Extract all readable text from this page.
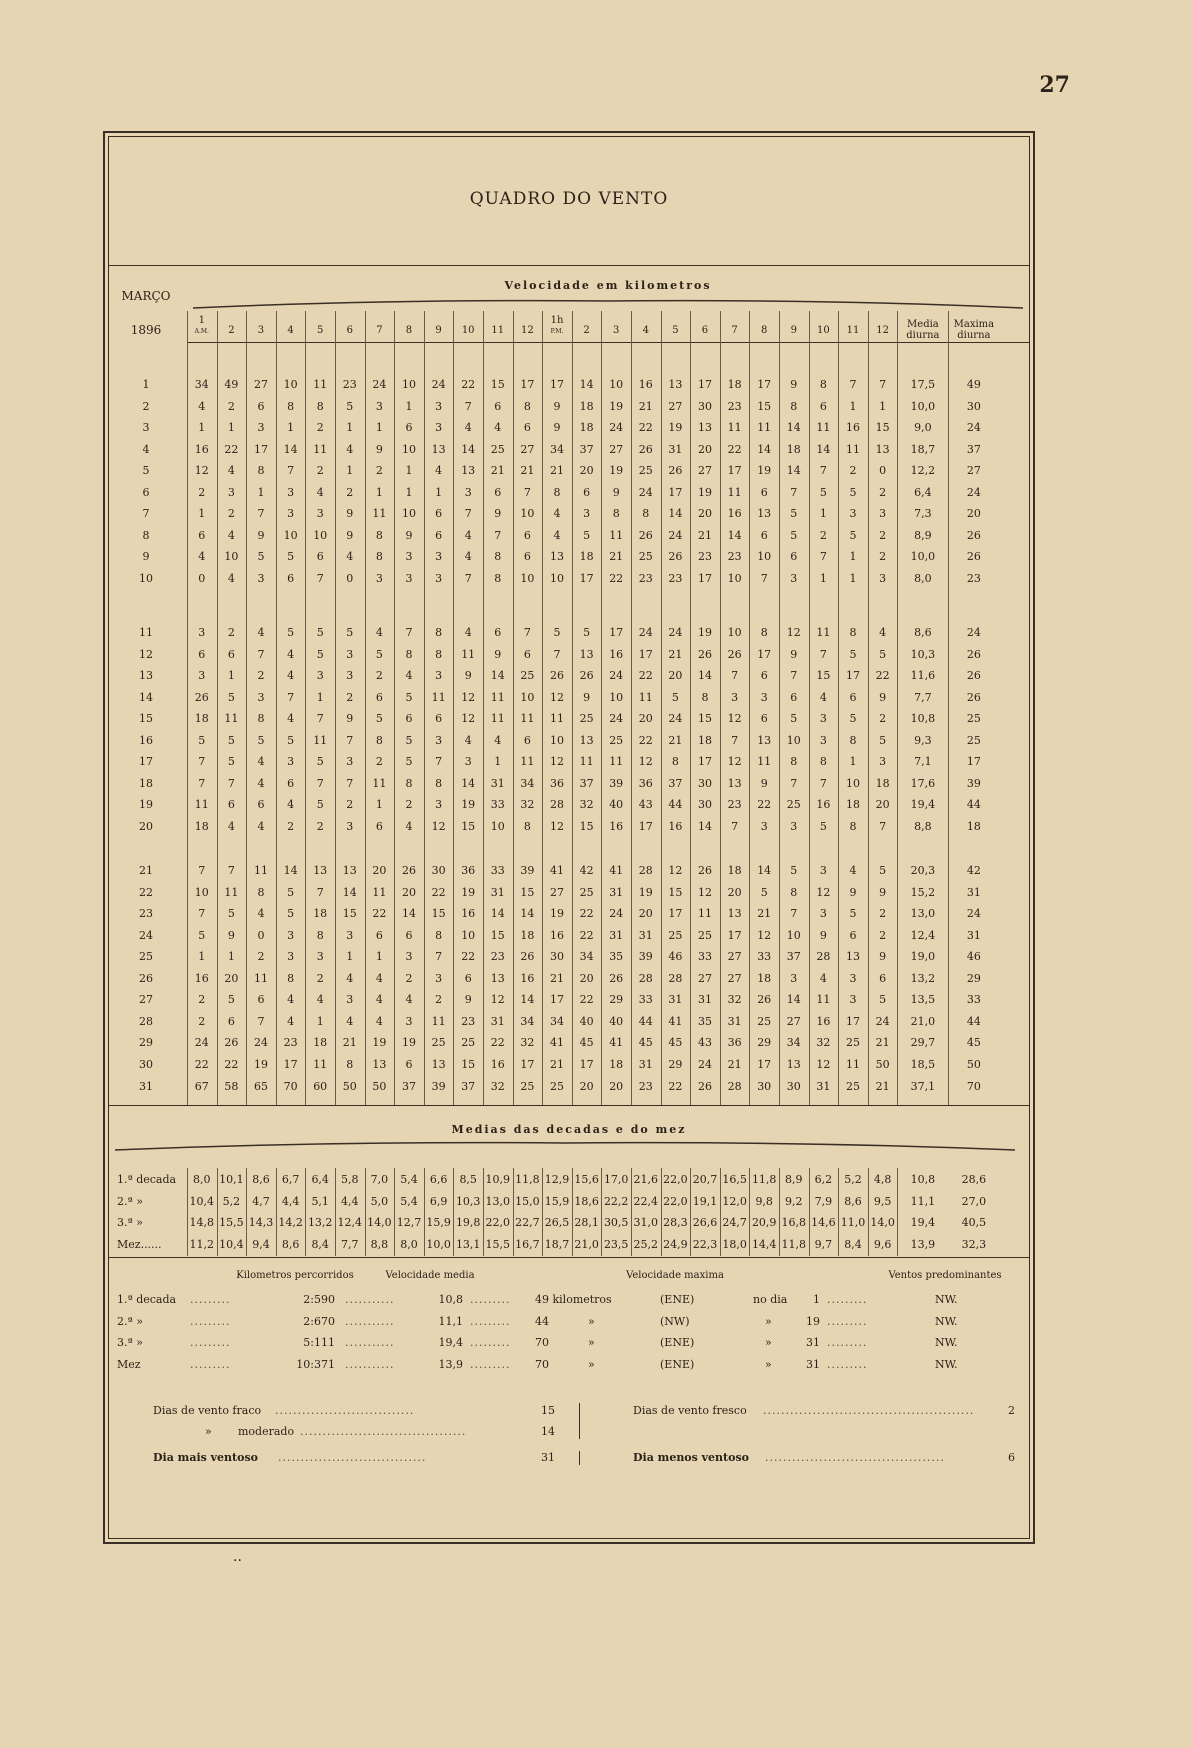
27
QUADRO DO VENTO
Velocidade em kilometros
MARÇO
1896
1
A.M.	2	3	4	5	6	7	8	9	10	11	12
1h
P.M.	2	3	4	5	6	7	8	9	10	11	12
Media diurna
Maxima diurna
1	34	49	27	10	11	23	24	10	24	22	15	17	17	14	10	16	13	17	18	17	9	8	7	7	17,5	49
2	4	2	6	8	8	5	3	1	3	7	6	8	9	18	19	21	27	30	23	15	8	6	1	1	10,0	30
3	1	1	3	1	2	1	1	6	3	4	4	6	9	18	24	22	19	13	11	11	14	11	16	15	9,0	24
4	16	22	17	14	11	4	9	10	13	14	25	27	34	37	27	26	31	20	22	14	18	14	11	13	18,7	37
5	12	4	8	7	2	1	2	1	4	13	21	21	21	20	19	25	26	27	17	19	14	7	2	0	12,2	27
6	2	3	1	3	4	2	1	1	1	3	6	7	8	6	9	24	17	19	11	6	7	5	5	2	6,4	24
7	1	2	7	3	3	9	11	10	6	7	9	10	4	3	8	8	14	20	16	13	5	1	3	3	7,3	20
8	6	4	9	10	10	9	8	9	6	4	7	6	4	5	11	26	24	21	14	6	5	2	5	2	8,9	26
9	4	10	5	5	6	4	8	3	3	4	8	6	13	18	21	25	26	23	23	10	6	7	1	2	10,0	26
10	0	4	3	6	7	0	3	3	3	7	8	10	10	17	22	23	23	17	10	7	3	1	1	3	8,0	23
11	3	2	4	5	5	5	4	7	8	4	6	7	5	5	17	24	24	19	10	8	12	11	8	4	8,6	24
12	6	6	7	4	5	3	5	8	8	11	9	6	7	13	16	17	21	26	26	17	9	7	5	5	10,3	26
13	3	1	2	4	3	3	2	4	3	9	14	25	26	26	24	22	20	14	7	6	7	15	17	22	11,6	26
14	26	5	3	7	1	2	6	5	11	12	11	10	12	9	10	11	5	8	3	3	6	4	6	9	7,7	26
15	18	11	8	4	7	9	5	6	6	12	11	11	11	25	24	20	24	15	12	6	5	3	5	2	10,8	25
16	5	5	5	5	11	7	8	5	3	4	4	6	10	13	25	22	21	18	7	13	10	3	8	5	9,3	25
17	7	5	4	3	5	3	2	5	7	3	1	11	12	11	11	12	8	17	12	11	8	8	1	3	7,1	17
18	7	7	4	6	7	7	11	8	8	14	31	34	36	37	39	36	37	30	13	9	7	7	10	18	17,6	39
19	11	6	6	4	5	2	1	2	3	19	33	32	28	32	40	43	44	30	23	22	25	16	18	20	19,4	44
20	18	4	4	2	2	3	6	4	12	15	10	8	12	15	16	17	16	14	7	3	3	5	8	7	8,8	18
21	7	7	11	14	13	13	20	26	30	36	33	39	41	42	41	28	12	26	18	14	5	3	4	5	20,3	42
22	10	11	8	5	7	14	11	20	22	19	31	15	27	25	31	19	15	12	20	5	8	12	9	9	15,2	31
23	7	5	4	5	18	15	22	14	15	16	14	14	19	22	24	20	17	11	13	21	7	3	5	2	13,0	24
24	5	9	0	3	8	3	6	6	8	10	15	18	16	22	31	31	25	25	17	12	10	9	6	2	12,4	31
25	1	1	2	3	3	1	1	3	7	22	23	26	30	34	35	39	46	33	27	33	37	28	13	9	19,0	46
26	16	20	11	8	2	4	4	2	3	6	13	16	21	20	26	28	28	27	27	18	3	4	3	6	13,2	29
27	2	5	6	4	4	3	4	4	2	9	12	14	17	22	29	33	31	31	32	26	14	11	3	5	13,5	33
28	2	6	7	4	1	4	4	3	11	23	31	34	34	40	40	44	41	35	31	25	27	16	17	24	21,0	44
29	24	26	24	23	18	21	19	19	25	25	22	32	41	45	41	45	45	43	36	29	34	32	25	21	29,7	45
30	22	22	19	17	11	8	13	6	13	15	16	17	21	17	18	31	29	24	21	17	13	12	11	50	18,5	50
31	67	58	65	70	60	50	50	37	39	37	32	25	25	20	20	23	22	26	28	30	30	31	25	21	37,1	70
Medias das decadas e do mez
1.ª decada	8,0 10,1 8,6	6,7	6,4	5,8	7,0	5,4	6,6	8,5 10,9 11,8 12,9 15,6 17,0 21,6 22,0 20,7 16,5 11,8 8,9	6,2	5,2	4,8	10,8	28,6
2.ª »	10,4 5,2	4,7	4,4	5,1	4,4	5,0	5,4	6,9 10,3 13,0 15,0 15,9 18,6 22,2 22,4 22,0 19,1 12,0 9,8	9,2	7,9	8,6	9,5	11,1	27,0
3.ª »	14,8 15,5 14,3 14,2 13,2 12,4 14,0 12,7 15,9 19,8 22,0 22,7 26,5 28,1 30,5 31,0 28,3 26,6 24,7 20,9 16,8 14,6 11,0 14,0	19,4	40,5
Mez......	11,2 10,4 9,4	8,6	8,4	7,7	8,8	8,0 10,0 13,1 15,5 16,7 18,7 21,0 23,5 25,2 24,9 22,3 18,0 14,4 11,8 9,7	8,4	9,6	13,9	32,3
Kilometros percorridos	Velocidade media	Velocidade maxima	Ventos predominantes
1.ª decada .........	2:590 ...........	10,8 ......... 49 kilometros	(ENE)	no dia	1 .........	NW.
2.ª »	.........	2:670 ...........	11,1 ......... 44	»	(NW)	»	19 .........	NW.
3.ª »	.........	5:111 ...........	19,4 ......... 70	»	(ENE)	»	31 .........	NW.
Mez	.........	10:371 ...........	13,9 ......... 70	»	(ENE)	»	31 .........	NW.
Dias de vento fraco ...............................	15
» moderado .....................................	14
Dia mais ventoso .................................	31
Dias de vento fresco ...............................................	2
Dia menos ventoso ........................................	6
··
